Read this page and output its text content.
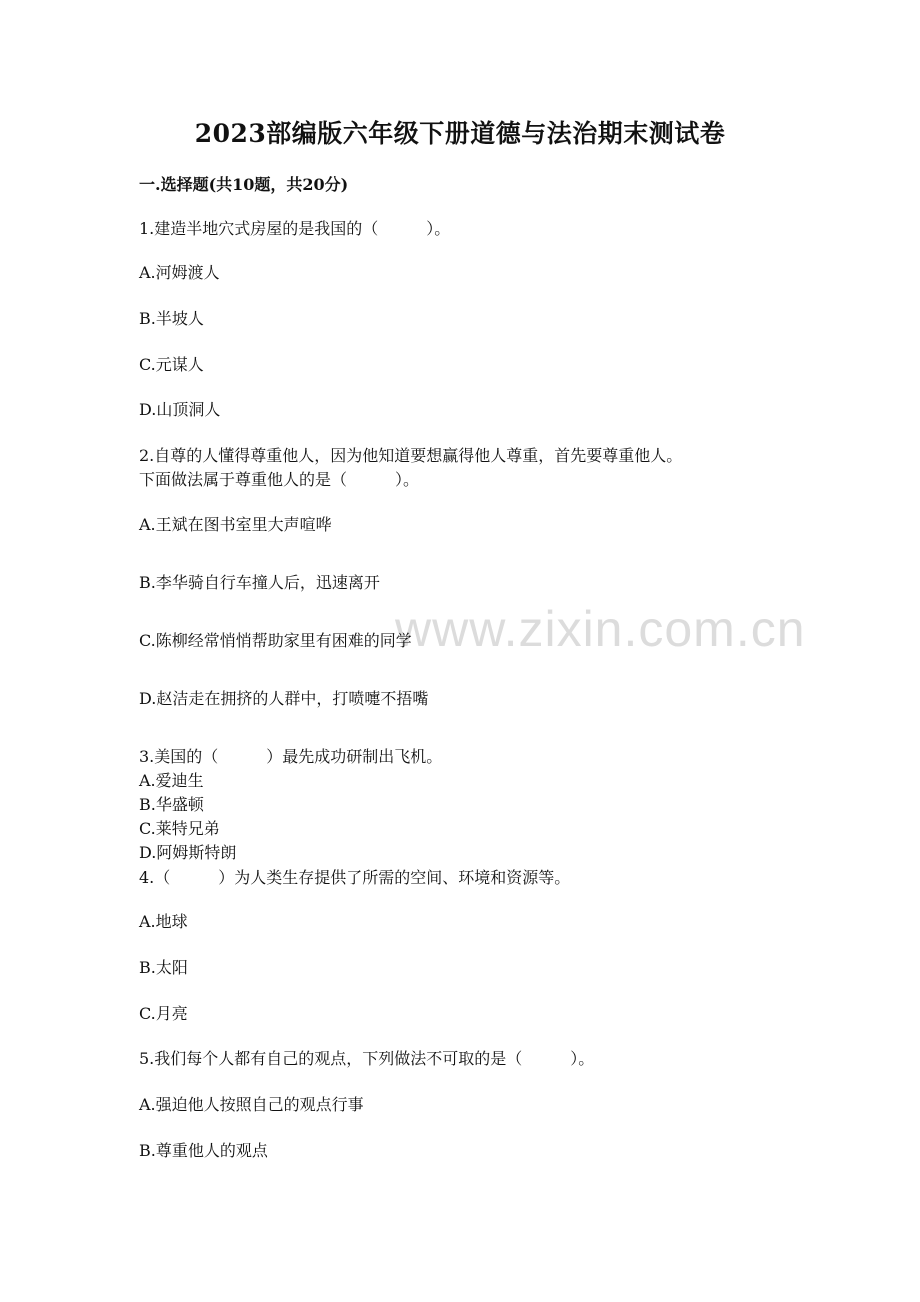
www.zixin.com.cn
2023部编版六年级下册道德与法治期末测试卷
一.选择题(共10题，共20分)
1.建造半地穴式房屋的是我国的（　　　）。
A.河姆渡人
B.半坡人
C.元谋人
D.山顶洞人
2.自尊的人懂得尊重他人，因为他知道要想赢得他人尊重，首先要尊重他人。
下面做法属于尊重他人的是（　　　）。
A.王斌在图书室里大声喧哗
B.李华骑自行车撞人后，迅速离开
C.陈柳经常悄悄帮助家里有困难的同学
D.赵洁走在拥挤的人群中，打喷嚏不捂嘴
3.美国的（　　　）最先成功研制出飞机。
A.爱迪生
B.华盛顿
C.莱特兄弟
D.阿姆斯特朗
4.（　　　）为人类生存提供了所需的空间、环境和资源等。
A.地球
B.太阳
C.月亮
5.我们每个人都有自己的观点，下列做法不可取的是（　　　）。
A.强迫他人按照自己的观点行事
B.尊重他人的观点
